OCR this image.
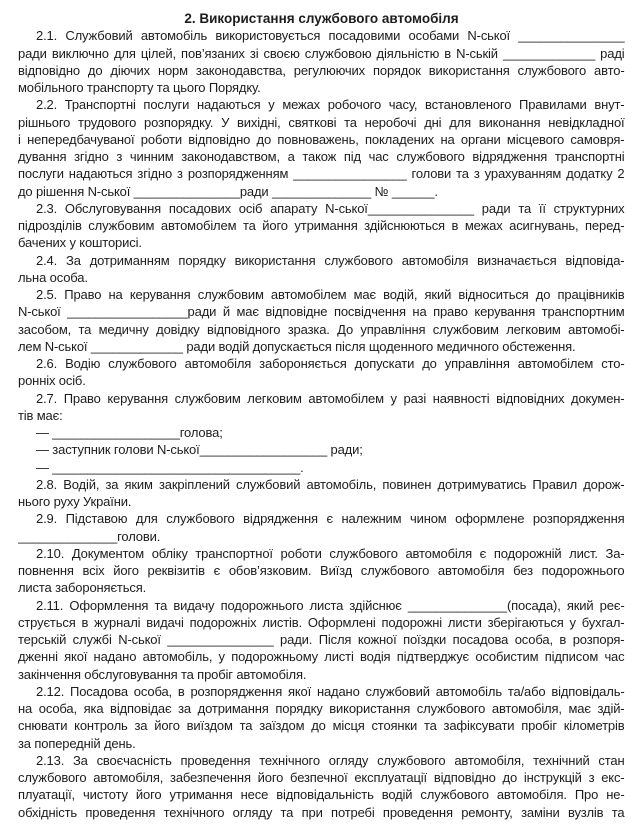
2. Використання службового автомобіля
2.1. Службовий автомобіль використовується посадовими особами N-ської _______________
ради виключно для цілей, пов’язаних зі своєю службовою діяльністю в N-ській _____________ раді
відповідно до діючих норм законодавства, регулюючих порядок використання службового авто-
мобільного транспорту та цього Порядку.
2.2. Транспортні послуги надаються у межах робочого часу, встановленого Правилами внут-
рішнього трудового розпорядку. У вихідні, святкові та неробочі дні для виконання невідкладної
і непередбачуваної роботи відповідно до повноважень, покладених на органи місцевого самовря-
дування згідно з чинним законодавством, а також під час службового відрядження транспортні
послуги надаються згідно з розпорядженням ________________ голови та з урахуванням додатку 2
до рішення N-ської _______________ради ______________ № ______.
2.3. Обслуговування посадових осіб апарату N-ської_______________ ради та її структурних
підрозділів службовим автомобілем та його утримання здійснюються в межах асигнувань, перед-
бачених у кошторисі.
2.4. За дотриманням порядку використання службового автомобіля визначається відповіда-
льна особа.
2.5. Право на керування службовим автомобілем має водій, який відноситься до працівників
N-ської _________________ради й має відповідне посвідчення на право керування транспортним
засобом, та медичну довідку відповідного зразка. До управління службовим легковим автомобі-
лем N-ської _____________ ради водій допускається після щоденного медичного обстеження.
2.6. Водію службового автомобіля забороняється допускати до управління автомобілем сто-
ронніх осіб.
2.7. Право керування службовим легковим автомобілем у разі наявності відповідних докумен-
тів має:
— __________________голова;
— заступник голови N-ської__________________ ради;
— ___________________________________.
2.8. Водій, за яким закріплений службовий автомобіль, повинен дотримуватись Правил дорож-
нього руху України.
2.9. Підставою для службового відрядження є належним чином оформлене розпорядження
______________голови.
2.10. Документом обліку транспортної роботи службового автомобіля є подорожній лист. За-
повнення всіх його реквізитів є обов’язковим. Виїзд службового автомобіля без подорожнього
листа забороняється.
2.11. Оформлення та видачу подорожнього листа здійснює ______________(посада), який реє-
струється в журналі видачі подорожніх листів. Оформлені подорожні листи зберігаються у бухгал-
терській службі N-ської _______________ ради. Після кожної поїздки посадова особа, в розпоря-
дженні якої надано автомобіль, у подорожньому листі водія підтверджує особистим підписом час
закінчення обслуговування та пробіг автомобіля.
2.12. Посадова особа, в розпорядження якої надано службовий автомобіль та/або відповідаль-
на особа, яка відповідає за дотримання порядку використання службового автомобіля, має здій-
снювати контроль за його виїздом та заїздом до місця стоянки та зафіксувати пробіг кілометрів
за попередній день.
2.13. За своєчасність проведення технічного огляду службового автомобіля, технічний стан
службового автомобіля, забезпечення його безпечної експлуатації відповідно до інструкцій з екс-
плуатації, чистоту його утримання несе відповідальність водій службового автомобіля. Про не-
обхідність проведення технічного огляду та при потребі проведення ремонту, заміни вузлів та
